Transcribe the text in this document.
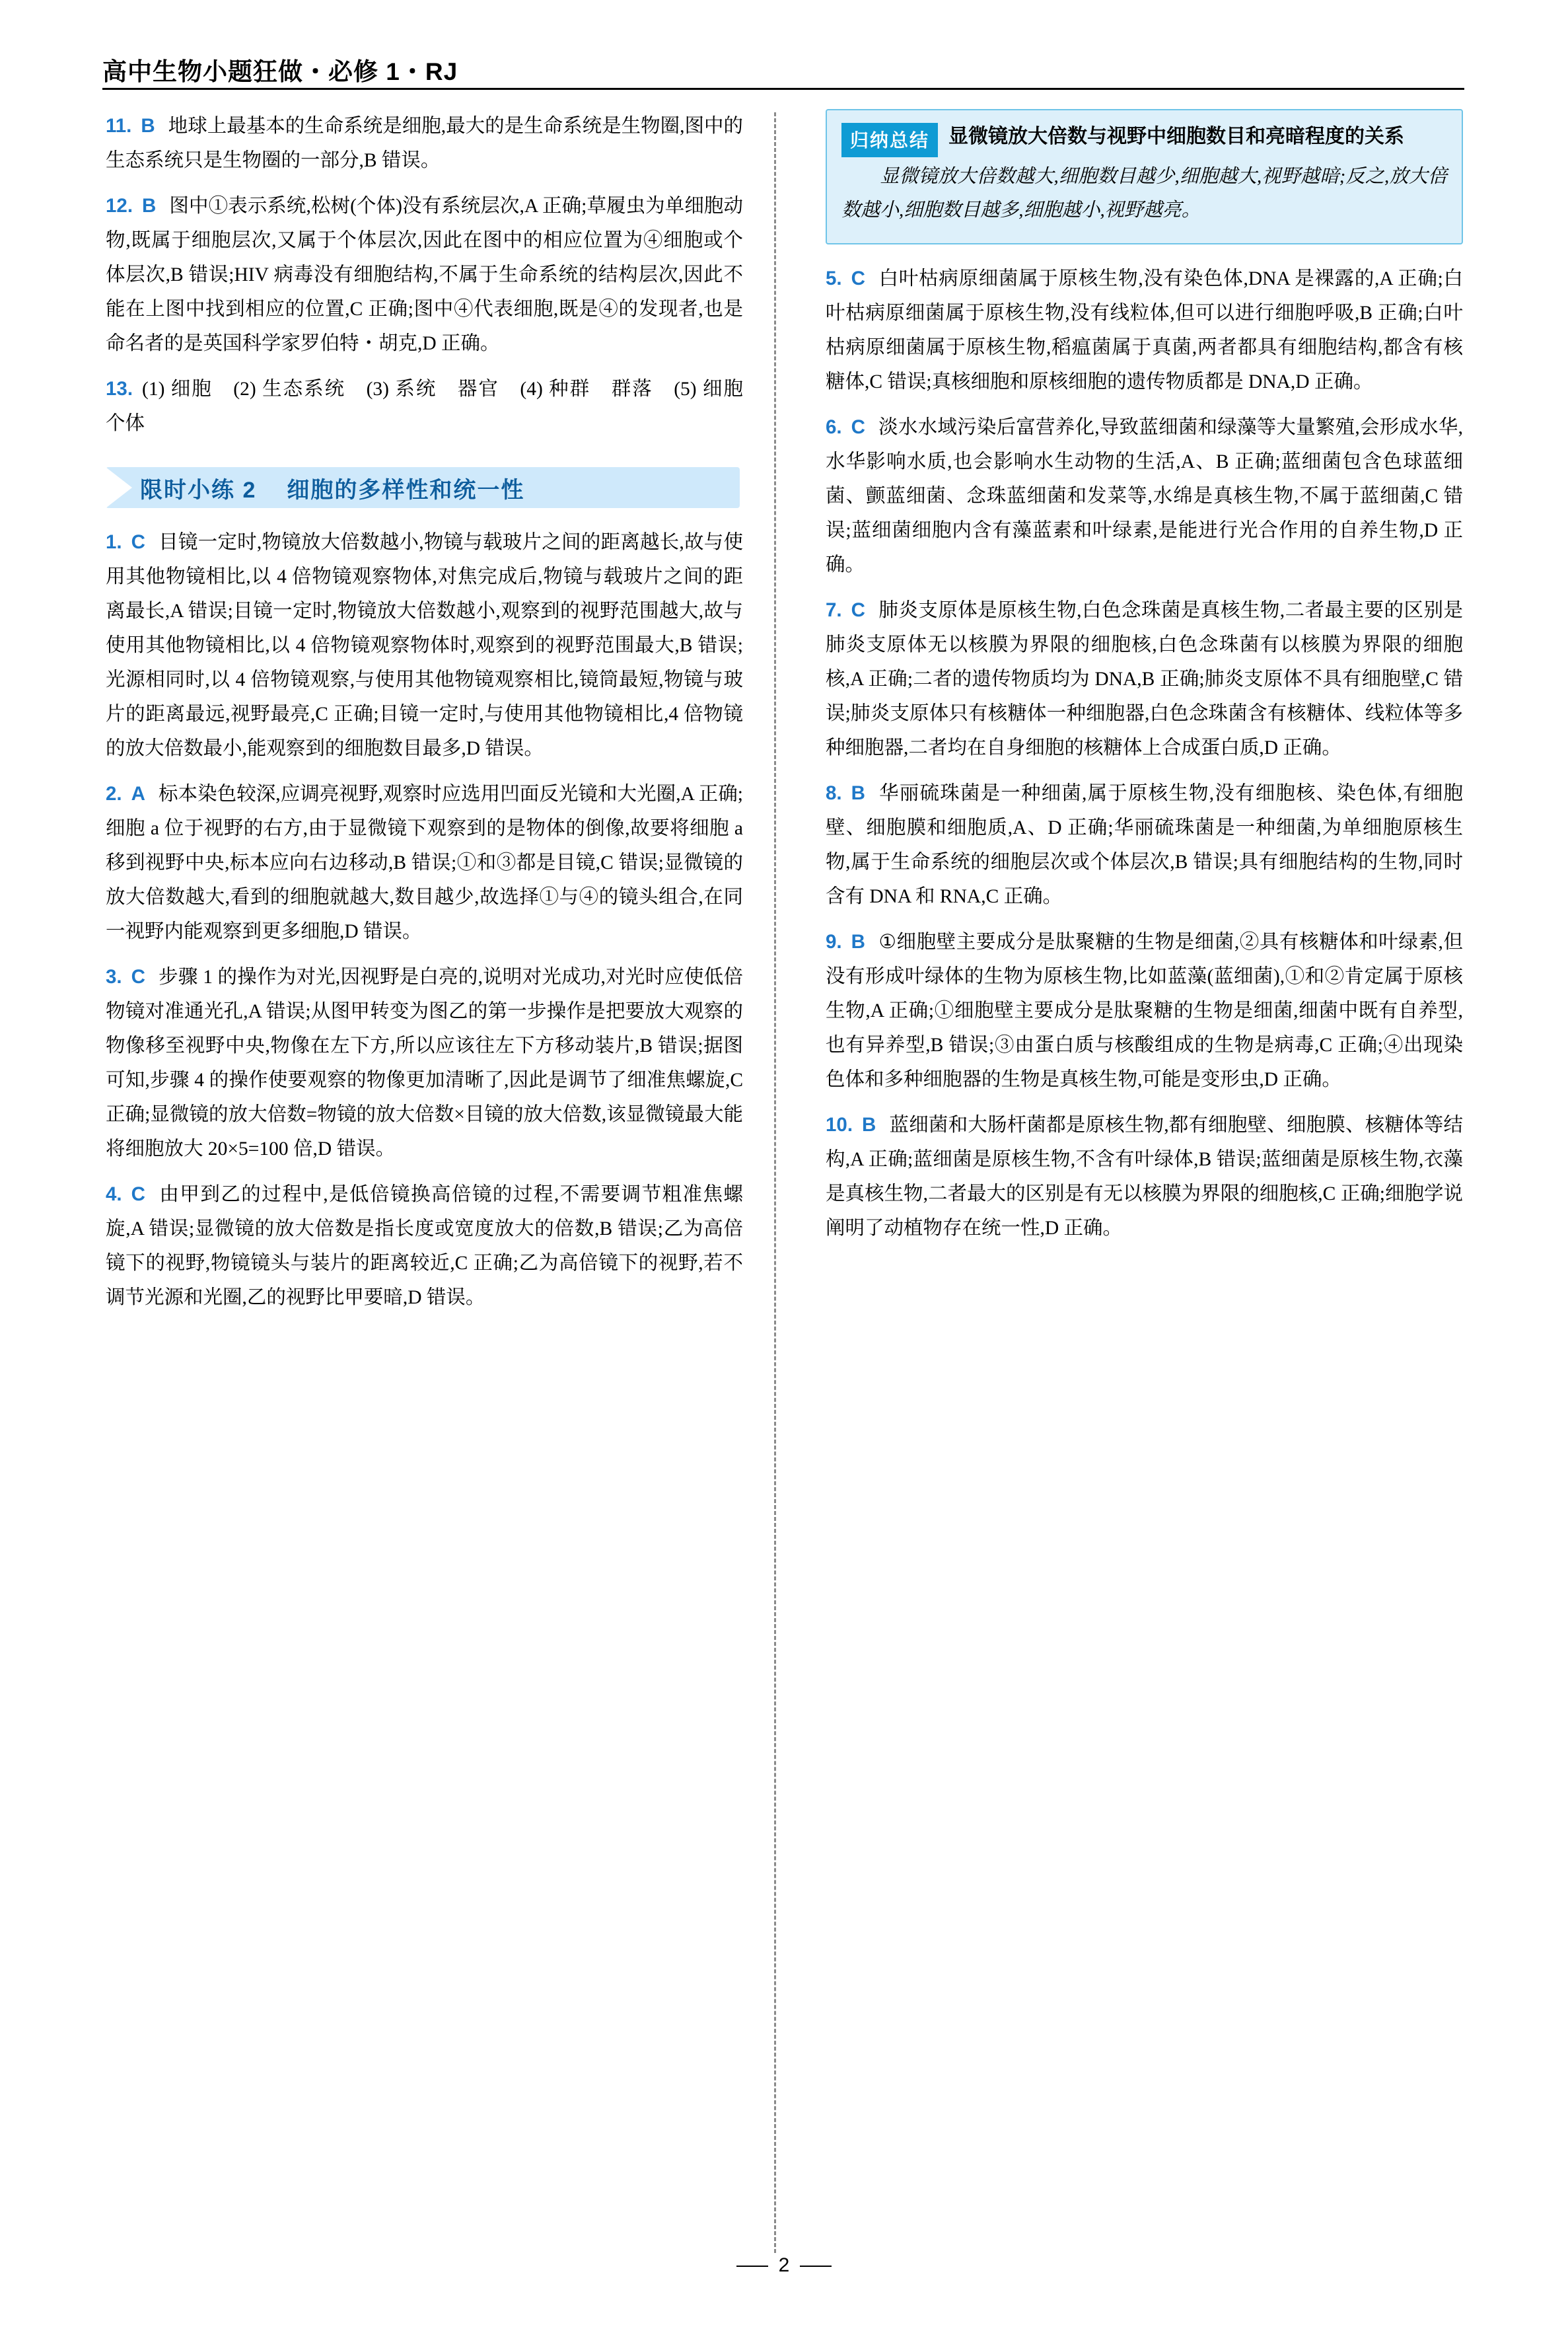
高中生物小题狂做・必修 1・RJ
11. B 地球上最基本的生命系统是细胞,最大的是生命系统是生物圈,图中的生态系统只是生物圈的一部分,B 错误。
12. B 图中①表示系统,松树(个体)没有系统层次,A 正确;草履虫为单细胞动物,既属于细胞层次,又属于个体层次,因此在图中的相应位置为④细胞或个体层次,B 错误;HIV 病毒没有细胞结构,不属于生命系统的结构层次,因此不能在上图中找到相应的位置,C 正确;图中④代表细胞,既是④的发现者,也是命名者的是英国科学家罗伯特・胡克,D 正确。
13. (1) 细胞　(2) 生态系统　(3) 系统　器官　(4) 种群　群落　(5) 细胞　个体
限时小练 2 细胞的多样性和统一性
1. C 目镜一定时,物镜放大倍数越小,物镜与载玻片之间的距离越长,故与使用其他物镜相比,以 4 倍物镜观察物体,对焦完成后,物镜与载玻片之间的距离最长,A 错误;目镜一定时,物镜放大倍数越小,观察到的视野范围越大,故与使用其他物镜相比,以 4 倍物镜观察物体时,观察到的视野范围最大,B 错误;光源相同时,以 4 倍物镜观察,与使用其他物镜观察相比,镜筒最短,物镜与玻片的距离最远,视野最亮,C 正确;目镜一定时,与使用其他物镜相比,4 倍物镜的放大倍数最小,能观察到的细胞数目最多,D 错误。
2. A 标本染色较深,应调亮视野,观察时应选用凹面反光镜和大光圈,A 正确;细胞 a 位于视野的右方,由于显微镜下观察到的是物体的倒像,故要将细胞 a 移到视野中央,标本应向右边移动,B 错误;①和③都是目镜,C 错误;显微镜的放大倍数越大,看到的细胞就越大,数目越少,故选择①与④的镜头组合,在同一视野内能观察到更多细胞,D 错误。
3. C 步骤 1 的操作为对光,因视野是白亮的,说明对光成功,对光时应使低倍物镜对准通光孔,A 错误;从图甲转变为图乙的第一步操作是把要放大观察的物像移至视野中央,物像在左下方,所以应该往左下方移动装片,B 错误;据图可知,步骤 4 的操作使要观察的物像更加清晰了,因此是调节了细准焦螺旋,C 正确;显微镜的放大倍数=物镜的放大倍数×目镜的放大倍数,该显微镜最大能将细胞放大 20×5=100 倍,D 错误。
4. C 由甲到乙的过程中,是低倍镜换高倍镜的过程,不需要调节粗准焦螺旋,A 错误;显微镜的放大倍数是指长度或宽度放大的倍数,B 错误;乙为高倍镜下的视野,物镜镜头与装片的距离较近,C 正确;乙为高倍镜下的视野,若不调节光源和光圈,乙的视野比甲要暗,D 错误。
归纳总结 显微镜放大倍数与视野中细胞数目和亮暗程度的关系
显微镜放大倍数越大,细胞数目越少,细胞越大,视野越暗;反之,放大倍数越小,细胞数目越多,细胞越小,视野越亮。
5. C 白叶枯病原细菌属于原核生物,没有染色体,DNA 是裸露的,A 正确;白叶枯病原细菌属于原核生物,没有线粒体,但可以进行细胞呼吸,B 正确;白叶枯病原细菌属于原核生物,稻瘟菌属于真菌,两者都具有细胞结构,都含有核糖体,C 错误;真核细胞和原核细胞的遗传物质都是 DNA,D 正确。
6. C 淡水水域污染后富营养化,导致蓝细菌和绿藻等大量繁殖,会形成水华,水华影响水质,也会影响水生动物的生活,A、B 正确;蓝细菌包含色球蓝细菌、颤蓝细菌、念珠蓝细菌和发菜等,水绵是真核生物,不属于蓝细菌,C 错误;蓝细菌细胞内含有藻蓝素和叶绿素,是能进行光合作用的自养生物,D 正确。
7. C 肺炎支原体是原核生物,白色念珠菌是真核生物,二者最主要的区别是肺炎支原体无以核膜为界限的细胞核,白色念珠菌有以核膜为界限的细胞核,A 正确;二者的遗传物质均为 DNA,B 正确;肺炎支原体不具有细胞壁,C 错误;肺炎支原体只有核糖体一种细胞器,白色念珠菌含有核糖体、线粒体等多种细胞器,二者均在自身细胞的核糖体上合成蛋白质,D 正确。
8. B 华丽硫珠菌是一种细菌,属于原核生物,没有细胞核、染色体,有细胞壁、细胞膜和细胞质,A、D 正确;华丽硫珠菌是一种细菌,为单细胞原核生物,属于生命系统的细胞层次或个体层次,B 错误;具有细胞结构的生物,同时含有 DNA 和 RNA,C 正确。
9. B ①细胞壁主要成分是肽聚糖的生物是细菌,②具有核糖体和叶绿素,但没有形成叶绿体的生物为原核生物,比如蓝藻(蓝细菌),①和②肯定属于原核生物,A 正确;①细胞壁主要成分是肽聚糖的生物是细菌,细菌中既有自养型,也有异养型,B 错误;③由蛋白质与核酸组成的生物是病毒,C 正确;④出现染色体和多种细胞器的生物是真核生物,可能是变形虫,D 正确。
10. B 蓝细菌和大肠杆菌都是原核生物,都有细胞壁、细胞膜、核糖体等结构,A 正确;蓝细菌是原核生物,不含有叶绿体,B 错误;蓝细菌是原核生物,衣藻是真核生物,二者最大的区别是有无以核膜为界限的细胞核,C 正确;细胞学说阐明了动植物存在统一性,D 正确。
2
